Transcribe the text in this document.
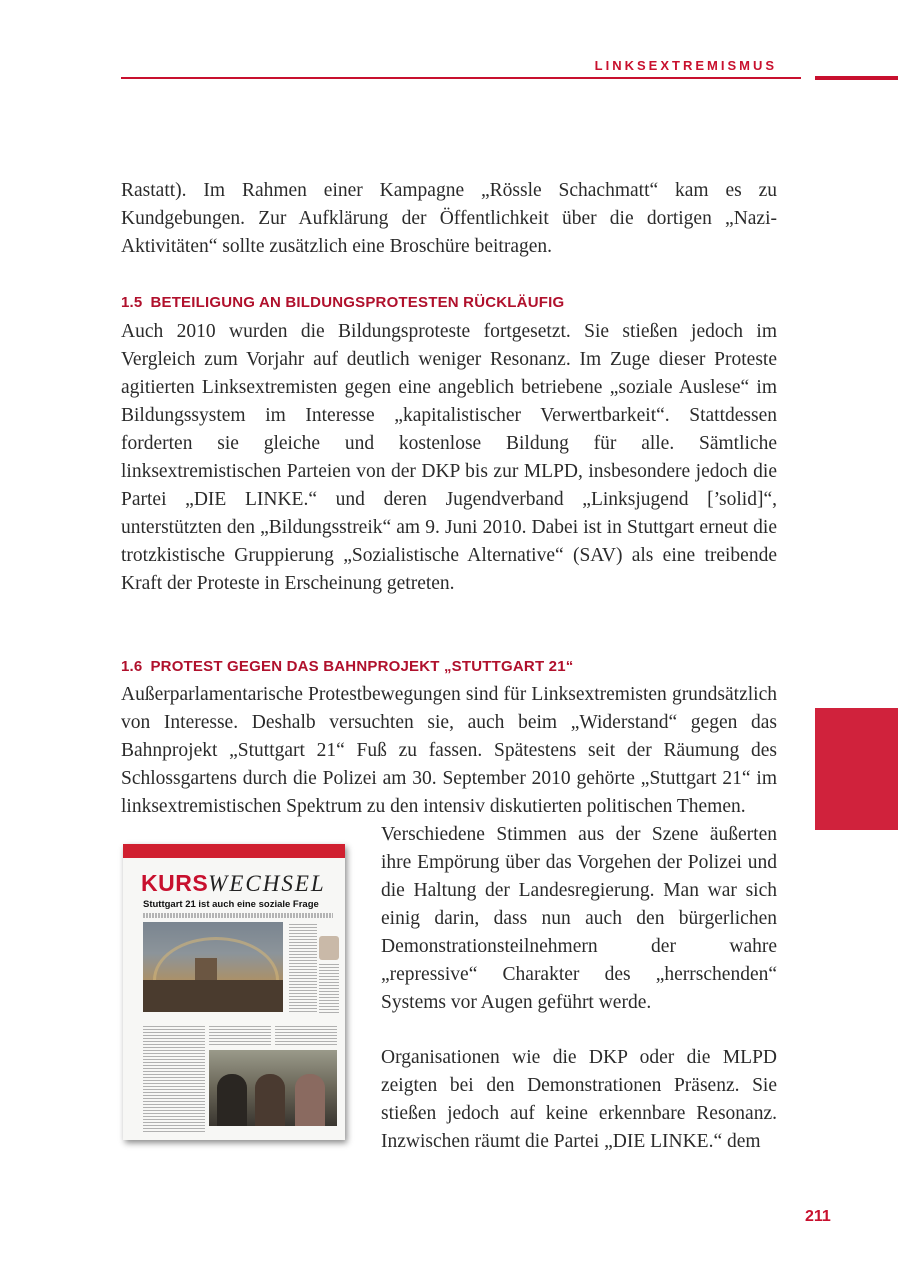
LINKSEXTREMISMUS
Rastatt). Im Rahmen einer Kampagne „Rössle Schachmatt“ kam es zu Kundgebungen. Zur Aufklärung der Öffentlichkeit über die dortigen „Nazi-Aktivitäten“ sollte zusätzlich eine Broschüre beitragen.
1.5 BETEILIGUNG AN BILDUNGSPROTESTEN RÜCKLÄUFIG
Auch 2010 wurden die Bildungsproteste fortgesetzt. Sie stießen jedoch im Vergleich zum Vorjahr auf deutlich weniger Resonanz. Im Zuge dieser Proteste agitierten Linksextremisten gegen eine angeblich betriebene „soziale Auslese“ im Bildungssystem im Interesse „kapitalistischer Verwertbarkeit“. Stattdessen forderten sie gleiche und kostenlose Bildung für alle. Sämtliche linksextremistischen Parteien von der DKP bis zur MLPD, insbesondere jedoch die Partei „DIE LINKE.“ und deren Jugendverband „Linksjugend [’solid]“, unterstützten den „Bildungsstreik“ am 9. Juni 2010. Dabei ist in Stuttgart erneut die trotzkistische Gruppierung „Sozialistische Alternative“ (SAV) als eine treibende Kraft der Proteste in Erscheinung getreten.
1.6 PROTEST GEGEN DAS BAHNPROJEKT „STUTTGART 21“
Außerparlamentarische Protestbewegungen sind für Linksextremisten grundsätzlich von Interesse. Deshalb versuchten sie, auch beim „Widerstand“ gegen das Bahnprojekt „Stuttgart 21“ Fuß zu fassen. Spätestens seit der Räumung des Schlossgartens durch die Polizei am 30. September 2010 gehörte „Stuttgart 21“ im linksextremistischen Spektrum zu den intensiv diskutierten politischen Themen.
KURSWECHSEL
Stuttgart 21 ist auch eine soziale Frage
Verschiedene Stimmen aus der Szene äußerten ihre Empörung über das Vorgehen der Polizei und die Haltung der Landesregierung. Man war sich einig darin, dass nun auch den bürgerlichen Demonstrationsteilnehmern der wahre „repressive“ Charakter des „herrschenden“ Systems vor Augen geführt werde.
Organisationen wie die DKP oder die MLPD zeigten bei den Demonstrationen Präsenz. Sie stießen jedoch auf keine erkennbare Resonanz. Inzwischen räumt die Partei „DIE LINKE.“ dem
211
